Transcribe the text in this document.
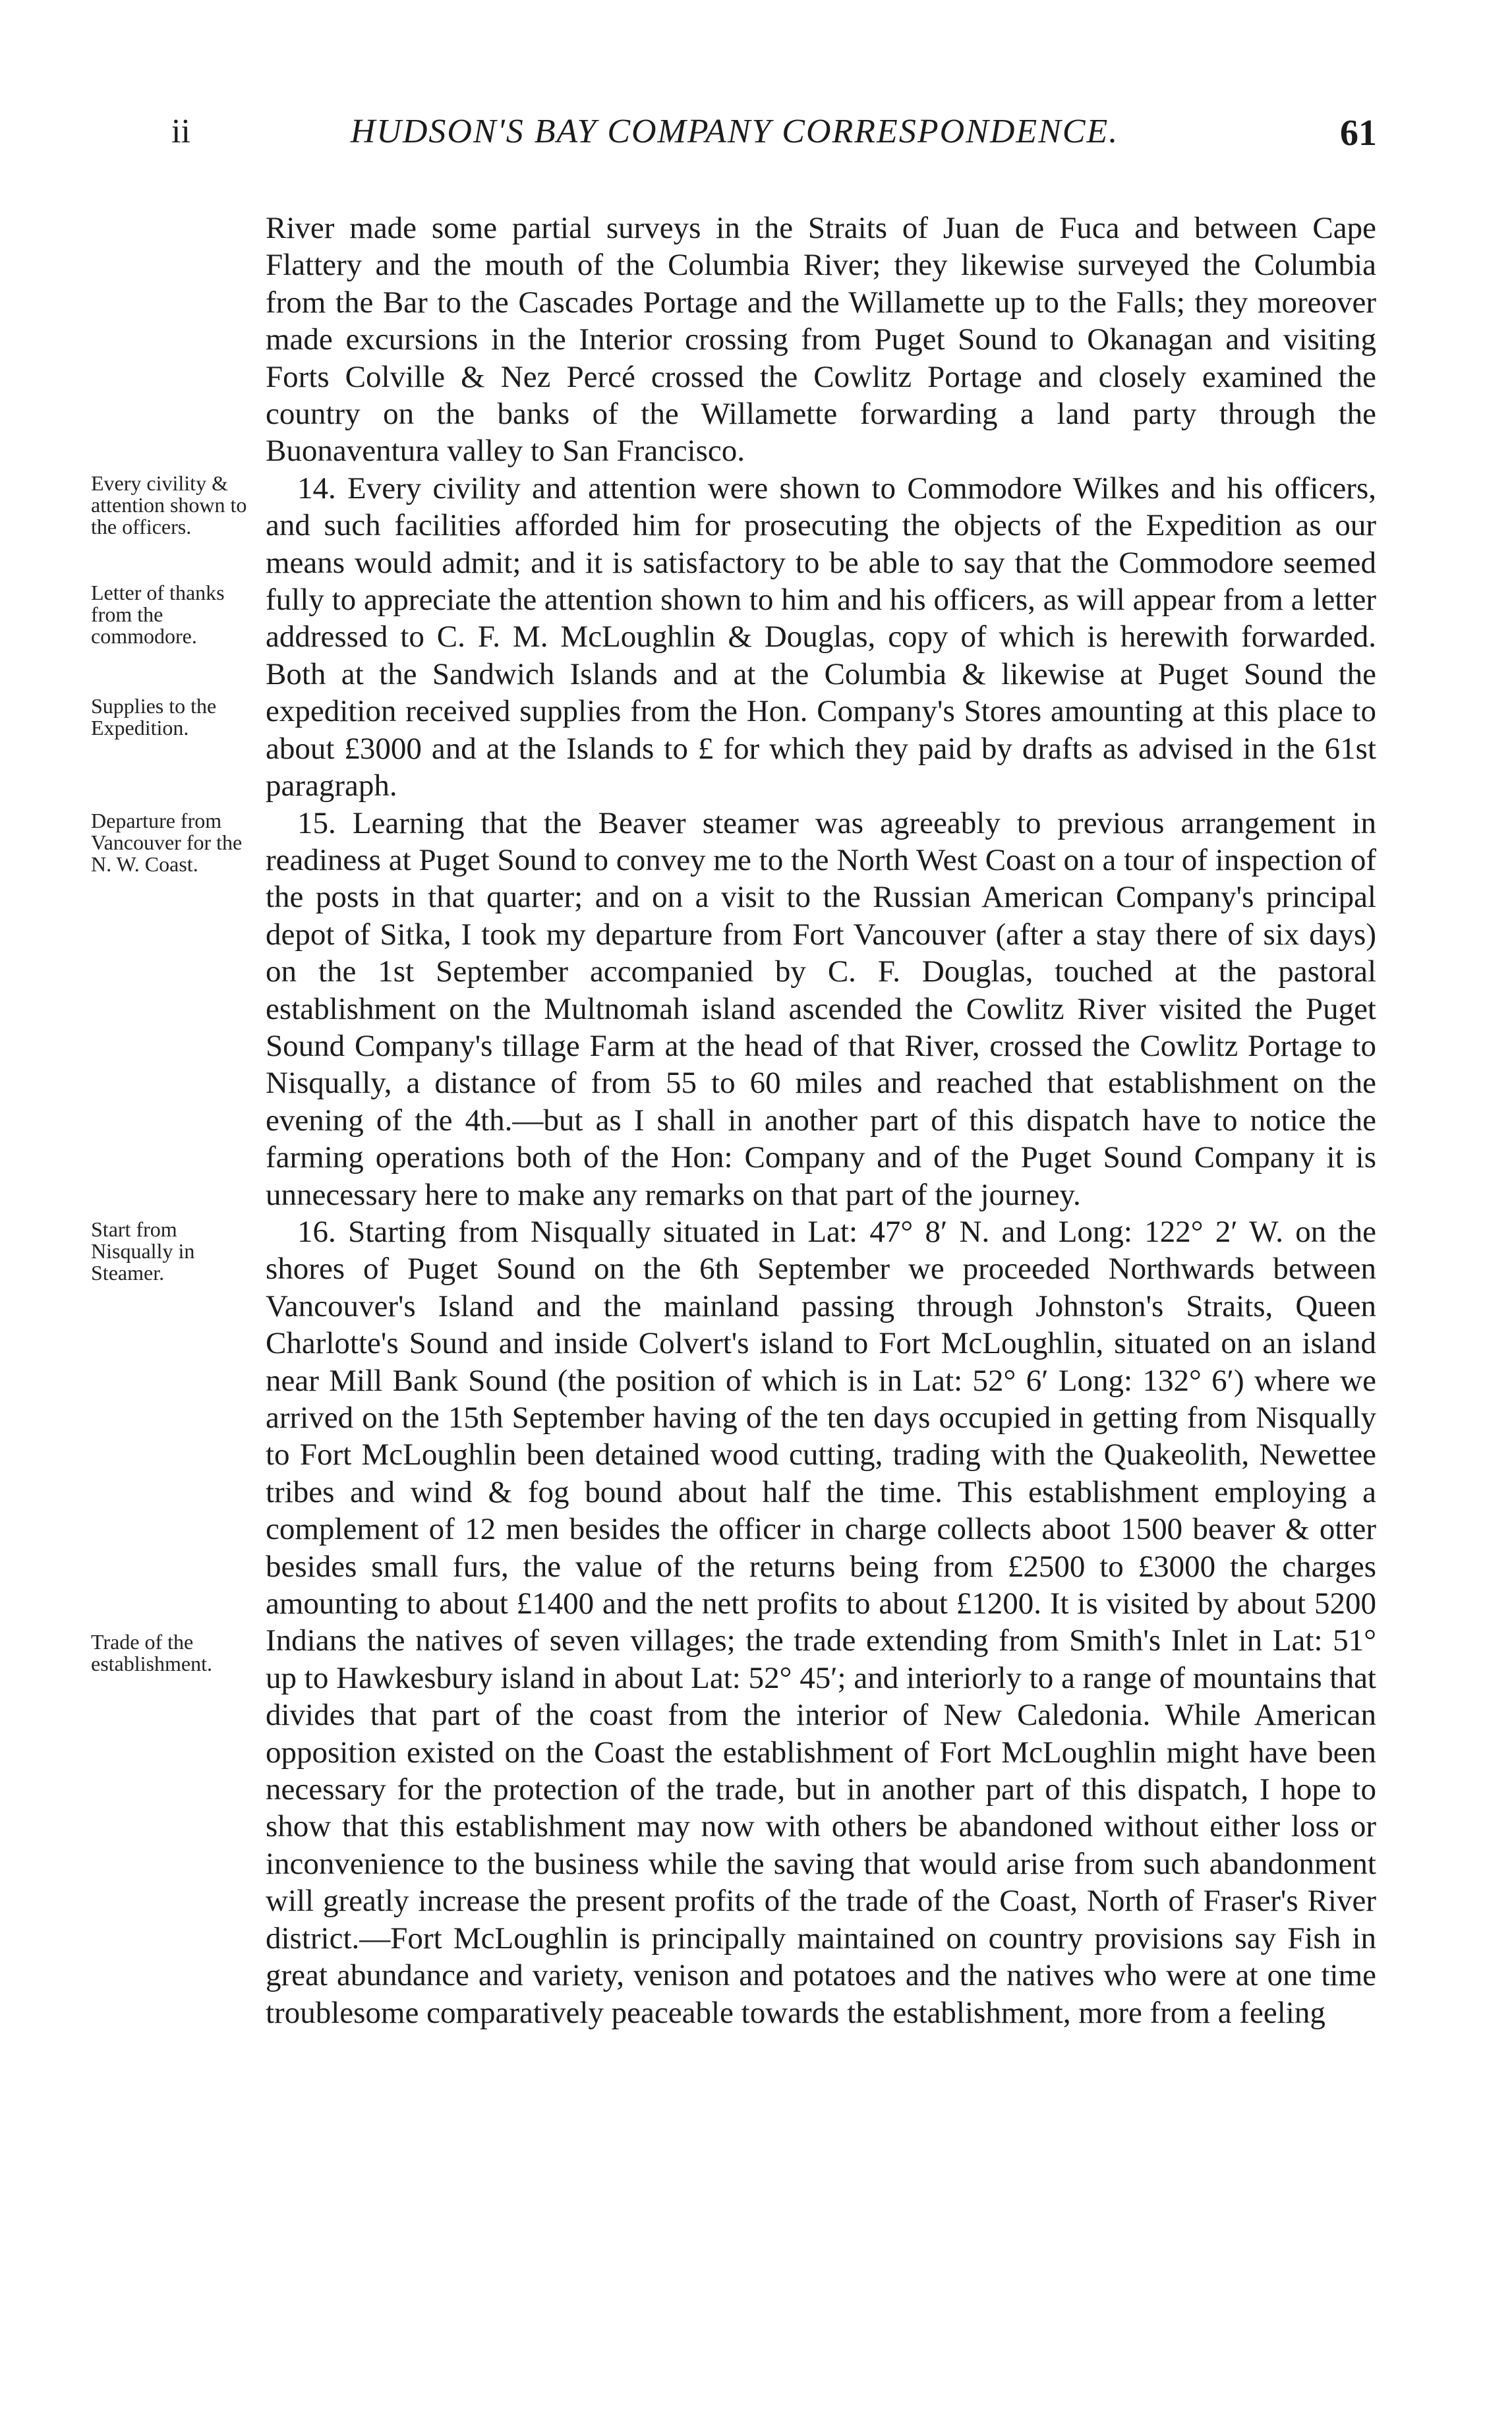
ii	HUDSON'S BAY COMPANY CORRESPONDENCE.	61

River made some partial surveys in the Straits of Juan de Fuca and between Cape Flattery and the mouth of the Columbia River; they likewise surveyed the Columbia from the Bar to the Cascades Portage and the Willamette up to the Falls; they moreover made excursions in the Interior crossing from Puget Sound to Okanagan and visiting Forts Colville & Nez Percé crossed the Cowlitz Portage and closely examined the country on the banks of the Willamette forwarding a land party through the Buonaventura valley to San Francisco.

Every civility & attention shown to the officers.
Letter of thanks from the commodore.
Supplies to the Expedition.

14. Every civility and attention were shown to Commodore Wilkes and his officers, and such facilities afforded him for prosecuting the objects of the Expedition as our means would admit; and it is satisfactory to be able to say that the Commodore seemed fully to appreciate the attention shown to him and his officers, as will appear from a letter addressed to C. F. M. McLoughlin & Douglas, copy of which is herewith forwarded. Both at the Sandwich Islands and at the Columbia & likewise at Puget Sound the expedition received supplies from the Hon. Company's Stores amounting at this place to about £3000 and at the Islands to £ for which they paid by drafts as advised in the 61st paragraph.

Departure from Vancouver for the N. W. Coast.

15. Learning that the Beaver steamer was agreeably to previous arrangement in readiness at Puget Sound to convey me to the North West Coast on a tour of inspection of the posts in that quarter; and on a visit to the Russian American Company's principal depot of Sitka, I took my departure from Fort Vancouver (after a stay there of six days) on the 1st September accompanied by C. F. Douglas, touched at the pastoral establishment on the Multnomah island ascended the Cowlitz River visited the Puget Sound Company's tillage Farm at the head of that River, crossed the Cowlitz Portage to Nisqually, a distance of from 55 to 60 miles and reached that establishment on the evening of the 4th.—but as I shall in another part of this dispatch have to notice the farming operations both of the Hon: Company and of the Puget Sound Company it is unnecessary here to make any remarks on that part of the journey.

Start from Nisqually in Steamer.
Trade of the establishment.

16. Starting from Nisqually situated in Lat: 47° 8′ N. and Long: 122° 2′ W. on the shores of Puget Sound on the 6th September we proceeded Northwards between Vancouver's Island and the mainland passing through Johnston's Straits, Queen Charlotte's Sound and inside Colvert's island to Fort McLoughlin, situated on an island near Mill Bank Sound (the position of which is in Lat: 52° 6′ Long: 132° 6′) where we arrived on the 15th September having of the ten days occupied in getting from Nisqually to Fort McLoughlin been detained wood cutting, trading with the Quakeolith, Newettee tribes and wind & fog bound about half the time. This establishment employing a complement of 12 men besides the officer in charge collects aboot 1500 beaver & otter besides small furs, the value of the returns being from £2500 to £3000 the charges amounting to about £1400 and the nett profits to about £1200. It is visited by about 5200 Indians the natives of seven villages; the trade extending from Smith's Inlet in Lat: 51° up to Hawkesbury island in about Lat: 52° 45′; and interiorly to a range of mountains that divides that part of the coast from the interior of New Caledonia. While American opposition existed on the Coast the establishment of Fort McLoughlin might have been necessary for the protection of the trade, but in another part of this dispatch, I hope to show that this establishment may now with others be abandoned without either loss or inconvenience to the business while the saving that would arise from such abandonment will greatly increase the present profits of the trade of the Coast, North of Fraser's River district.—Fort McLoughlin is principally maintained on country provisions say Fish in great abundance and variety, venison and potatoes and the natives who were at one time troublesome comparatively peaceable towards the establishment, more from a feeling
